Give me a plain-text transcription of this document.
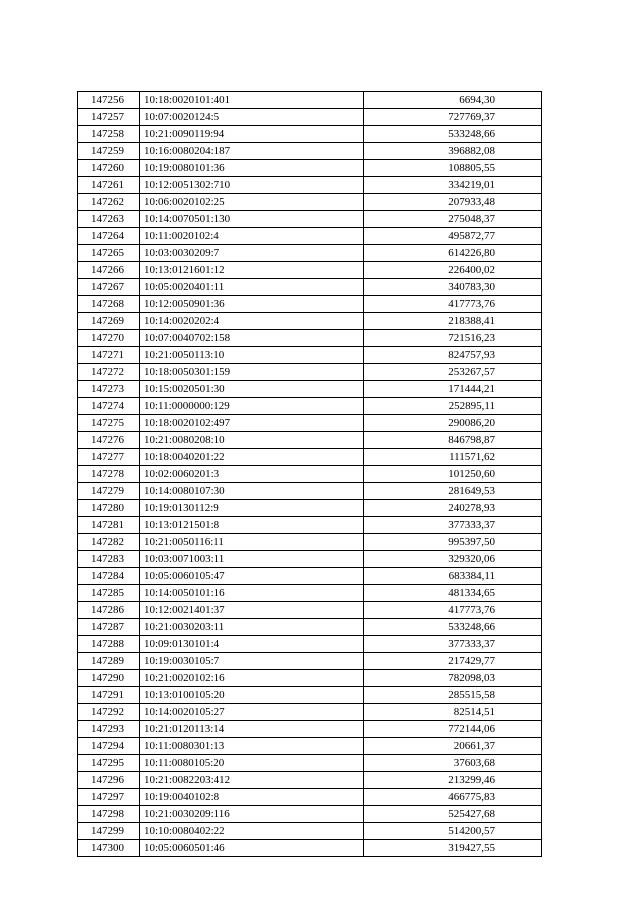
147256	10:18:0020101:401	6694,30
147257	10:07:0020124:5	727769,37
147258	10:21:0090119:94	533248,66
147259	10:16:0080204:187	396882,08
147260	10:19:0080101:36	108805,55
147261	10:12:0051302:710	334219,01
147262	10:06:0020102:25	207933,48
147263	10:14:0070501:130	275048,37
147264	10:11:0020102:4	495872,77
147265	10:03:0030209:7	614226,80
147266	10:13:0121601:12	226400,02
147267	10:05:0020401:11	340783,30
147268	10:12:0050901:36	417773,76
147269	10:14:0020202:4	218388,41
147270	10:07:0040702:158	721516,23
147271	10:21:0050113:10	824757,93
147272	10:18:0050301:159	253267,57
147273	10:15:0020501:30	171444,21
147274	10:11:0000000:129	252895,11
147275	10:18:0020102:497	290086,20
147276	10:21:0080208:10	846798,87
147277	10:18:0040201:22	111571,62
147278	10:02:0060201:3	101250,60
147279	10:14:0080107:30	281649,53
147280	10:19:0130112:9	240278,93
147281	10:13:0121501:8	377333,37
147282	10:21:0050116:11	995397,50
147283	10:03:0071003:11	329320,06
147284	10:05:0060105:47	683384,11
147285	10:14:0050101:16	481334,65
147286	10:12:0021401:37	417773,76
147287	10:21:0030203:11	533248,66
147288	10:09:0130101:4	377333,37
147289	10:19:0030105:7	217429,77
147290	10:21:0020102:16	782098,03
147291	10:13:0100105:20	285515,58
147292	10:14:0020105:27	82514,51
147293	10:21:0120113:14	772144,06
147294	10:11:0080301:13	20661,37
147295	10:11:0080105:20	37603,68
147296	10:21:0082203:412	213299,46
147297	10:19:0040102:8	466775,83
147298	10:21:0030209:116	525427,68
147299	10:10:0080402:22	514200,57
147300	10:05:0060501:46	319427,55
